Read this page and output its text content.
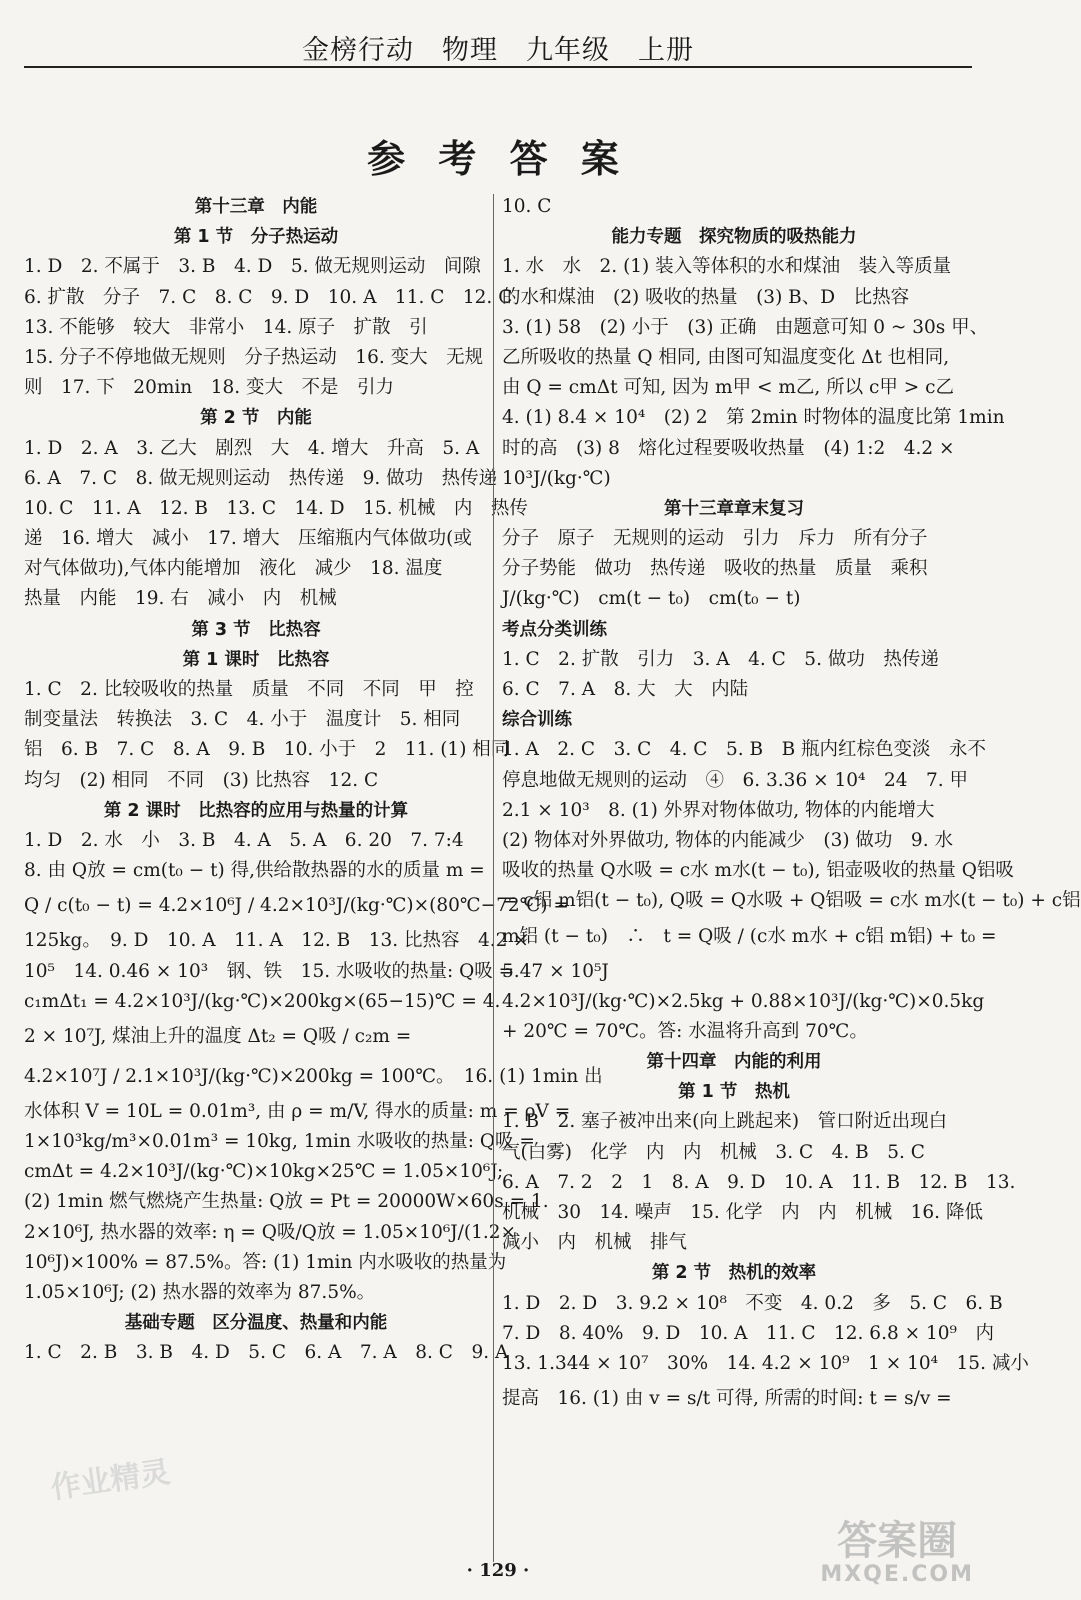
金榜行动　物理　九年级　上册
参 考 答 案
第十三章　内能
第 1 节　分子热运动
1. D　2. 不属于　3. B　4. D　5. 做无规则运动　间隙
6. 扩散　分子　7. C　8. C　9. D　10. A　11. C　12. C
13. 不能够　较大　非常小　14. 原子　扩散　引
15. 分子不停地做无规则　分子热运动　16. 变大　无规
则　17. 下　20min　18. 变大　不是　引力
第 2 节　内能
1. D　2. A　3. 乙大　剧烈　大　4. 增大　升高　5. A
6. A　7. C　8. 做无规则运动　热传递　9. 做功　热传递
10. C　11. A　12. B　13. C　14. D　15. 机械　内　热传
递　16. 增大　减小　17. 增大　压缩瓶内气体做功(或
对气体做功),气体内能增加　液化　减少　18. 温度
热量　内能　19. 右　减小　内　机械
第 3 节　比热容
第 1 课时　比热容
1. C　2. 比较吸收的热量　质量　不同　不同　甲　控
制变量法　转换法　3. C　4. 小于　温度计　5. 相同
铝　6. B　7. C　8. A　9. B　10. 小于　2　11. (1) 相同
均匀　(2) 相同　不同　(3) 比热容　12. C
第 2 课时　比热容的应用与热量的计算
1. D　2. 水　小　3. B　4. A　5. A　6. 20　7. 7:4
8. 由 Q放 = cm(t₀ − t) 得,供给散热器的水的质量 m =
Q / c(t₀ − t) = 4.2×10⁶J / 4.2×10³J/(kg·℃)×(80℃−72℃) =
125kg。　9. D　10. A　11. A　12. B　13. 比热容　4.2 ×
10⁵　14. 0.46 × 10³　钢、铁　15. 水吸收的热量: Q吸 =
c₁mΔt₁ = 4.2×10³J/(kg·℃)×200kg×(65−15)℃ = 4.
2 × 10⁷J, 煤油上升的温度 Δt₂ = Q吸 / c₂m =
4.2×10⁷J / 2.1×10³J/(kg·℃)×200kg = 100℃。　16. (1) 1min 出
水体积 V = 10L = 0.01m³, 由 ρ = m/V, 得水的质量: m = ρV =
1×10³kg/m³×0.01m³ = 10kg, 1min 水吸收的热量: Q吸 =
cmΔt = 4.2×10³J/(kg·℃)×10kg×25℃ = 1.05×10⁶J;
(2) 1min 燃气燃烧产生热量: Q放 = Pt = 20000W×60s = 1.
2×10⁶J, 热水器的效率: η = Q吸/Q放 = 1.05×10⁶J/(1.2×
10⁶J)×100% = 87.5%。答: (1) 1min 内水吸收的热量为
1.05×10⁶J; (2) 热水器的效率为 87.5%。
基础专题　区分温度、热量和内能
1. C　2. B　3. B　4. D　5. C　6. A　7. A　8. C　9. A
10. C
能力专题　探究物质的吸热能力
1. 水　水　2. (1) 装入等体积的水和煤油　装入等质量
的水和煤油　(2) 吸收的热量　(3) B、D　比热容
3. (1) 58　(2) 小于　(3) 正确　由题意可知 0 ~ 30s 甲、
乙所吸收的热量 Q 相同, 由图可知温度变化 Δt 也相同,
由 Q = cmΔt 可知, 因为 m甲 < m乙, 所以 c甲 > c乙
4. (1) 8.4 × 10⁴　(2) 2　第 2min 时物体的温度比第 1min
时的高　(3) 8　熔化过程要吸收热量　(4) 1:2　4.2 ×
10³J/(kg·℃)
第十三章章末复习
分子　原子　无规则的运动　引力　斥力　所有分子
分子势能　做功　热传递　吸收的热量　质量　乘积
J/(kg·℃)　cm(t − t₀)　cm(t₀ − t)
考点分类训练
1. C　2. 扩散　引力　3. A　4. C　5. 做功　热传递
6. C　7. A　8. 大　大　内陆
综合训练
1. A　2. C　3. C　4. C　5. B　B 瓶内红棕色变淡　永不
停息地做无规则的运动　④　6. 3.36 × 10⁴　24　7. 甲
2.1 × 10³　8. (1) 外界对物体做功, 物体的内能增大
(2) 物体对外界做功, 物体的内能减少　(3) 做功　9. 水
吸收的热量 Q水吸 = c水 m水(t − t₀), 铝壶吸收的热量 Q铝吸
= c铝 m铝(t − t₀), Q吸 = Q水吸 + Q铝吸 = c水 m水(t − t₀) + c铝
m铝 (t − t₀)　∴　t = Q吸 / (c水 m水 + c铝 m铝) + t₀ =
5.47 × 10⁵J
4.2×10³J/(kg·℃)×2.5kg + 0.88×10³J/(kg·℃)×0.5kg
+ 20℃ = 70℃。答: 水温将升高到 70℃。
第十四章　内能的利用
第 1 节　热机
1. B　2. 塞子被冲出来(向上跳起来)　管口附近出现白
气(白雾)　化学　内　内　机械　3. C　4. B　5. C
6. A　7. 2　2　1　8. A　9. D　10. A　11. B　12. B　13.
机械　30　14. 噪声　15. 化学　内　内　机械　16. 降低
减小　内　机械　排气
第 2 节　热机的效率
1. D　2. D　3. 9.2 × 10⁸　不变　4. 0.2　多　5. C　6. B
7. D　8. 40%　9. D　10. A　11. C　12. 6.8 × 10⁹　内
13. 1.344 × 10⁷　30%　14. 4.2 × 10⁹　1 × 10⁴　15. 减小
提高　16. (1) 由 v = s/t 可得, 所需的时间: t = s/v =
· 129 ·
作业精灵
答案圈
MXQE.COM
